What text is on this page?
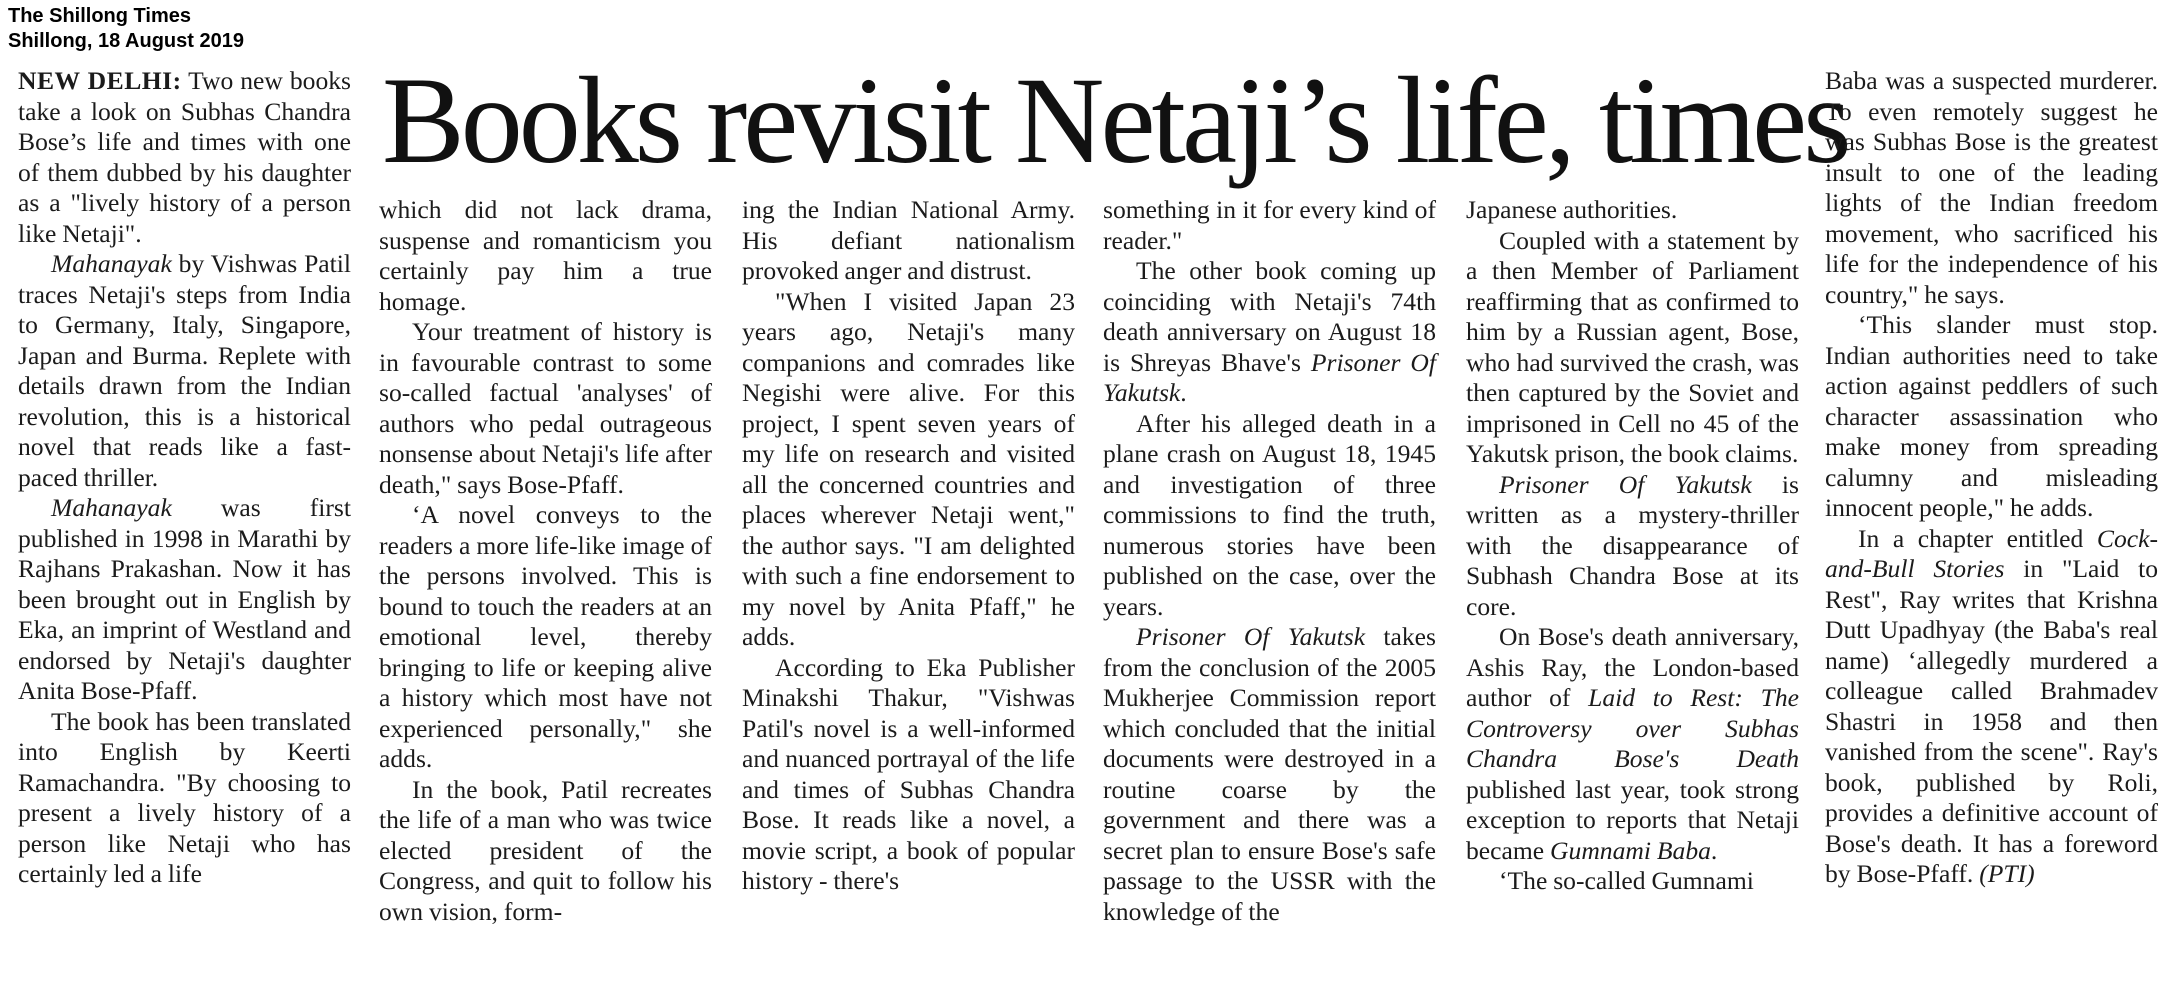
The Shillong Times
Shillong, 18 August 2019
Books revisit Netaji’s life, times

NEW DELHI: Two new books take a look on Subhas Chandra Bose’s life and times with one of them dubbed by his daughter as a "lively history of a person like Netaji".

Mahanayak by Vishwas Patil traces Netaji's steps from India to Germany, Italy, Singapore, Japan and Burma. Replete with details drawn from the Indian revolution, this is a historical novel that reads like a fast-paced thriller.

Mahanayak was first published in 1998 in Marathi by Rajhans Prakashan. Now it has been brought out in English by Eka, an imprint of Westland and endorsed by Netaji's daughter Anita Bose-Pfaff.

The book has been translated into English by Keerti Ramachandra. "By choosing to present a lively history of a person like Netaji who has certainly led a life

which did not lack drama, suspense and romanticism you certainly pay him a true homage.

Your treatment of history is in favourable contrast to some so-called factual 'analyses' of authors who pedal outrageous nonsense about Netaji's life after death," says Bose-Pfaff.

‘A novel conveys to the readers a more life-like image of the persons involved. This is bound to touch the readers at an emotional level, thereby bringing to life or keeping alive a history which most have not experienced personally," she adds.

In the book, Patil recreates the life of a man who was twice elected president of the Congress, and quit to follow his own vision, form-

ing the Indian National Army. His defiant nationalism provoked anger and distrust.

"When I visited Japan 23 years ago, Netaji's many companions and comrades like Negishi were alive. For this project, I spent seven years of my life on research and visited all the concerned countries and places wherever Netaji went," the author says. "I am delighted with such a fine endorsement to my novel by Anita Pfaff," he adds.

According to Eka Publisher Minakshi Thakur, "Vishwas Patil's novel is a well-informed and nuanced portrayal of the life and times of Subhas Chandra Bose. It reads like a novel, a movie script, a book of popular history - there's

something in it for every kind of reader."

The other book coming up coinciding with Netaji's 74th death anniversary on August 18 is Shreyas Bhave's Prisoner Of Yakutsk.

After his alleged death in a plane crash on August 18, 1945 and investigation of three commissions to find the truth, numerous stories have been published on the case, over the years.

Prisoner Of Yakutsk takes from the conclusion of the 2005 Mukherjee Commission report which concluded that the initial documents were destroyed in a routine coarse by the government and there was a secret plan to ensure Bose's safe passage to the USSR with the knowledge of the

Japanese authorities.

Coupled with a statement by a then Member of Parliament reaffirming that as confirmed to him by a Russian agent, Bose, who had survived the crash, was then captured by the Soviet and imprisoned in Cell no 45 of the Yakutsk prison, the book claims.

Prisoner Of Yakutsk is written as a mystery-thriller with the disappearance of Subhash Chandra Bose at its core.

On Bose's death anniversary, Ashis Ray, the London-based author of Laid to Rest: The Controversy over Subhas Chandra Bose's Death published last year, took strong exception to reports that Netaji became Gumnami Baba.

‘The so-called Gumnami

Baba was a suspected murderer. To even remotely suggest he was Subhas Bose is the greatest insult to one of the leading lights of the Indian freedom movement, who sacrificed his life for the independence of his country," he says.

‘This slander must stop. Indian authorities need to take action against peddlers of such character assassination who make money from spreading calumny and misleading innocent people," he adds.

In a chapter entitled Cock-and-Bull Stories in "Laid to Rest", Ray writes that Krishna Dutt Upadhyay (the Baba's real name) ‘allegedly murdered a colleague called Brahmadev Shastri in 1958 and then vanished from the scene". Ray's book, published by Roli, provides a definitive account of Bose's death. It has a foreword by Bose-Pfaff. (PTI)
